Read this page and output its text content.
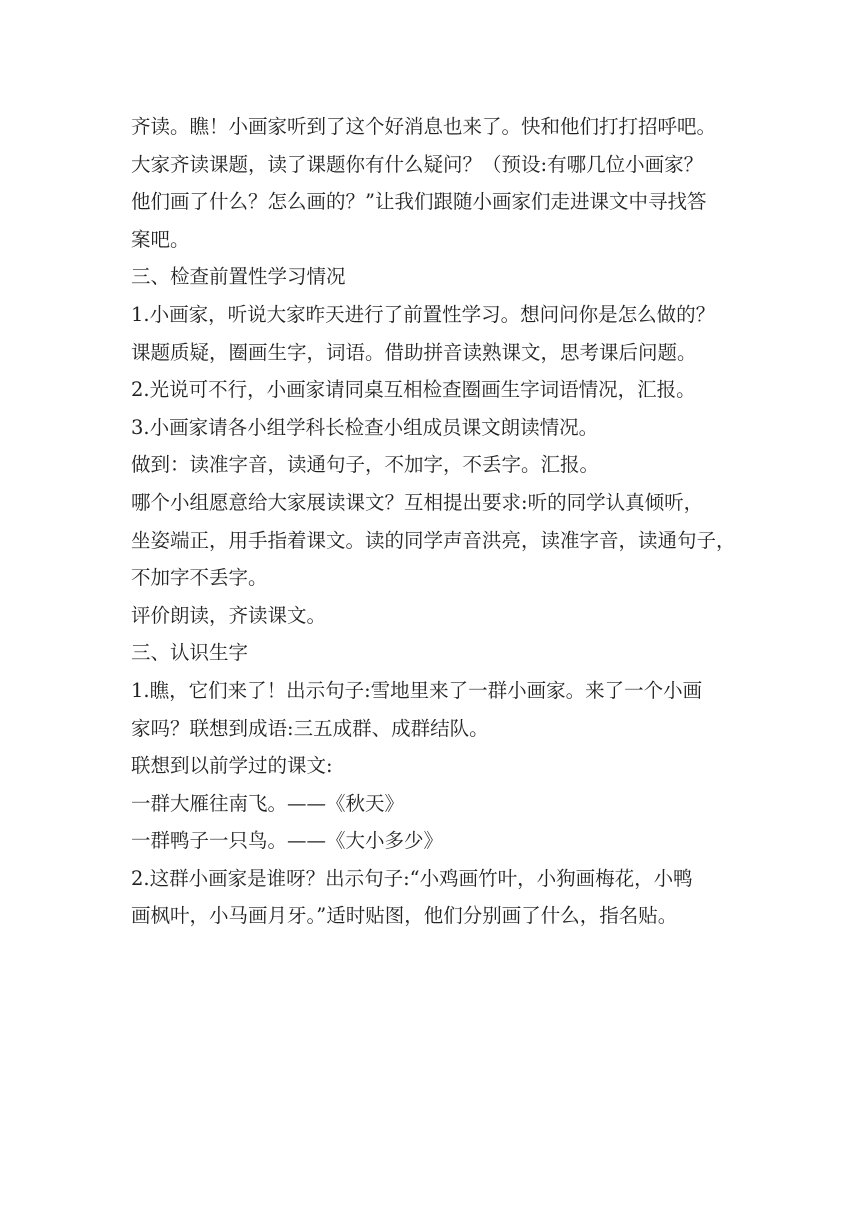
齐读。瞧！小画家听到了这个好消息也来了。快和他们打打招呼吧。

大家齐读课题，读了课题你有什么疑问？（预设:有哪几位小画家？

他们画了什么？怎么画的？”让我们跟随小画家们走进课文中寻找答

案吧。

三、检查前置性学习情况

1.小画家，听说大家昨天进行了前置性学习。想问问你是怎么做的？

课题质疑，圈画生字，词语。借助拼音读熟课文，思考课后问题。

2.光说可不行，小画家请同桌互相检查圈画生字词语情况，汇报。

3.小画家请各小组学科长检查小组成员课文朗读情况。

做到：读准字音，读通句子，不加字，不丢字。汇报。

哪个小组愿意给大家展读课文？互相提出要求:听的同学认真倾听，

坐姿端正，用手指着课文。读的同学声音洪亮，读准字音，读通句子，

不加字不丢字。

评价朗读，齐读课文。

三、认识生字

1.瞧，它们来了！出示句子:雪地里来了一群小画家。来了一个小画

家吗？联想到成语:三五成群、成群结队。

联想到以前学过的课文:

一群大雁往南飞。——《秋天》

一群鸭子一只鸟。——《大小多少》

2.这群小画家是谁呀？出示句子:“小鸡画竹叶，小狗画梅花，小鸭

画枫叶，小马画月牙。”适时贴图，他们分别画了什么，指名贴。
